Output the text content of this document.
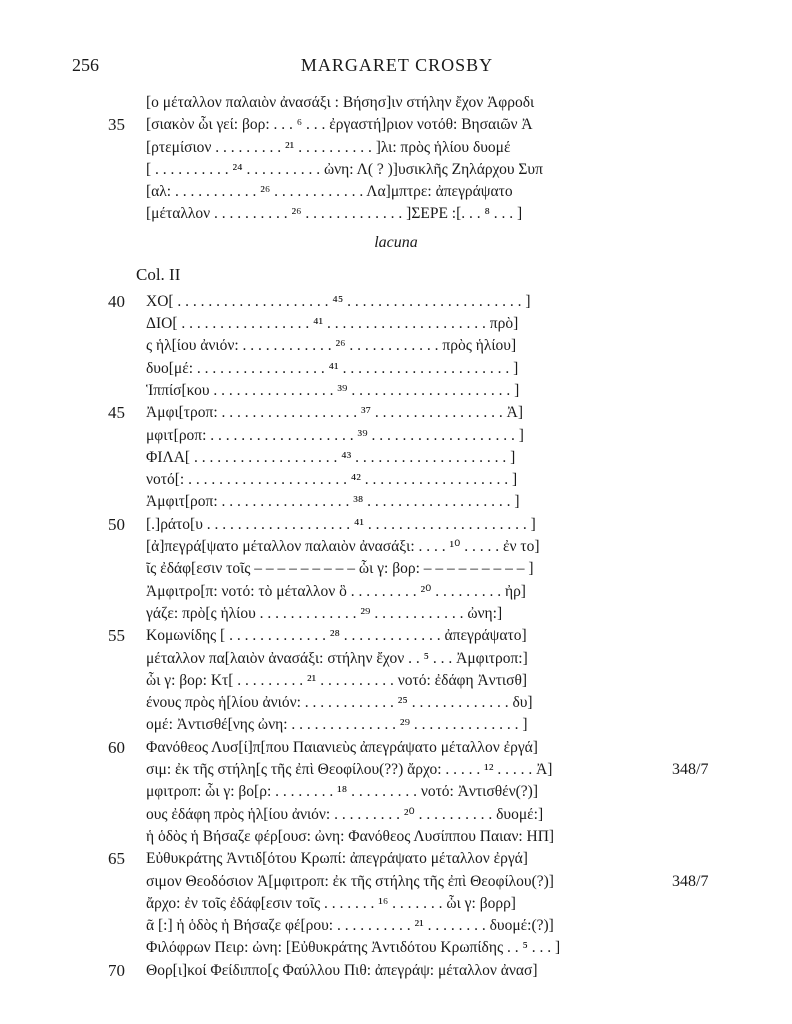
256	MARGARET CROSBY
[ο μέταλλον παλαιὸν ἀνασάξι : Βήσησ]ιν στήλην ἔχον Ἀφροδι
35	[σιακὸν ὧι γεί: βορ: . . . ⁶ . . . ἐργαστή]ριον νοτόθ: Βησαιῶν Ἀ
[ρτεμίσιον . . . . . . . . . ²¹ . . . . . . . . . . ]λι: πρὸς ἡλίου δυομέ
[ . . . . . . . . . . ²⁴ . . . . . . . . . . ὠνη: Λ( ? )]υσικλῆς Ζηλάρχου Συπ
[αλ: . . . . . . . . . . . ²⁶ . . . . . . . . . . . . Λα]μπτρε: ἀπεγράψατο
[μέταλλον . . . . . . . . . . ²⁶ . . . . . . . . . . . . . ]ΣΕΡΕ :[. . . ⁸ . . . ]
lacuna
Col. II
40	ΧΟ[ . . . . . . . . . . . . . . . . . . . . ⁴⁵ . . . . . . . . . . . . . . . . . . . . . . . ]
ΔΙΟ[ . . . . . . . . . . . . . . . . . ⁴¹ . . . . . . . . . . . . . . . . . . . . . πρὸ]
ς ἡλ[ίου ἀνιόν: . . . . . . . . . . . . ²⁶ . . . . . . . . . . . . πρὸς ἡλίου]
δυο[μέ: . . . . . . . . . . . . . . . . . ⁴¹ . . . . . . . . . . . . . . . . . . . . . . ]
Ἱππίσ[κου . . . . . . . . . . . . . . . . ³⁹ . . . . . . . . . . . . . . . . . . . . . ]
45	Ἀμφι[τροπ: . . . . . . . . . . . . . . . . . . ³⁷ . . . . . . . . . . . . . . . . . Ἀ]
μφιτ[ροπ: . . . . . . . . . . . . . . . . . . . ³⁹ . . . . . . . . . . . . . . . . . . . ]
ΦΙΛΑ[ . . . . . . . . . . . . . . . . . . . ⁴³ . . . . . . . . . . . . . . . . . . . . ]
νοτό[: . . . . . . . . . . . . . . . . . . . . . ⁴² . . . . . . . . . . . . . . . . . . . ]
Ἀμφιτ[ροπ: . . . . . . . . . . . . . . . . . ³⁸ . . . . . . . . . . . . . . . . . . . ]
50	[.]ράτο[υ . . . . . . . . . . . . . . . . . . . ⁴¹ . . . . . . . . . . . . . . . . . . . . . ]
[ἀ]πεγρά[ψατο μέταλλον παλαιὸν ἀνασάξι: . . . . ¹⁰ . . . . . ἐν το]
ῖς ἐδάφ[εσιν τοῖς – – – – – – – – – ὧι γ: βορ: – – – – – – – – – ]
Ἀμφιτρο[π: νοτό: τὸ μέταλλον ὃ . . . . . . . . . ²⁰ . . . . . . . . . ἠρ]
γάζε: πρὸ[ς ἡλίου . . . . . . . . . . . . . ²⁹ . . . . . . . . . . . . ὠνη:]
55	Κομωνίδης [ . . . . . . . . . . . . . ²⁸ . . . . . . . . . . . . . ἀπεγράψατο]
μέταλλον πα[λαιὸν ἀνασάξι: στήλην ἔχον . . ⁵ . . . Ἀμφιτροπ:]
ὧι γ: βορ: Κτ[ . . . . . . . . . ²¹ . . . . . . . . . . νοτό: ἐδάφη Ἀντισθ]
ένους πρὸς ἡ[λίου ἀνιόν: . . . . . . . . . . . . ²⁵ . . . . . . . . . . . . . δυ]
ομέ: Ἀντισθέ[νης ὠνη: . . . . . . . . . . . . . . ²⁹ . . . . . . . . . . . . . . ]
60	Φανόθεος Λυσ[ί]π[που Παιανιεὺς ἀπεγράψατο μέταλλον ἐργά]
σιμ: ἐκ τῆς στήλη[ς τῆς ἐπὶ Θεοφίλου(??) ἄρχο: . . . . . ¹² . . . . . Ἀ]	348/7
μφιτροπ: ὧι γ: βο[ρ: . . . . . . . . ¹⁸ . . . . . . . . . νοτό: Ἀντισθέν(?)]
ους ἐδάφη πρὸς ἡλ[ίου ἀνιόν: . . . . . . . . . ²⁰ . . . . . . . . . . δυομέ:]
ἡ ὁδὸς ἡ Βήσαζε φέρ[ουσ: ὠνη: Φανόθεος Λυσίππου Παιαν: ΗΠ]
65	Εὐθυκράτης Ἀντιδ[ότου Κρωπί: ἀπεγράψατο μέταλλον ἐργά]
σιμον Θεοδόσιον Ἀ[μφιτροπ: ἐκ τῆς στήλης τῆς ἐπὶ Θεοφίλου(?)]	348/7
ἄρχο: ἐν τοῖς ἐδάφ[εσιν τοῖς . . . . . . . ¹⁶ . . . . . . . ὧι γ: βορρ]
ᾶ [:] ἡ ὁδὸς ἡ Βήσαζε φέ[ρου: . . . . . . . . . . ²¹ . . . . . . . . δυομέ:(?)]
Φιλόφρων Πειρ: ὠνη: [Εὐθυκράτης Ἀντιδότου Κρωπίδης . . ⁵ . . . ]
70	Θορ[ι]κοί Φείδιππο[ς Φαύλλου Πιθ: ἀπεγράψ: μέταλλον ἀνασ]
